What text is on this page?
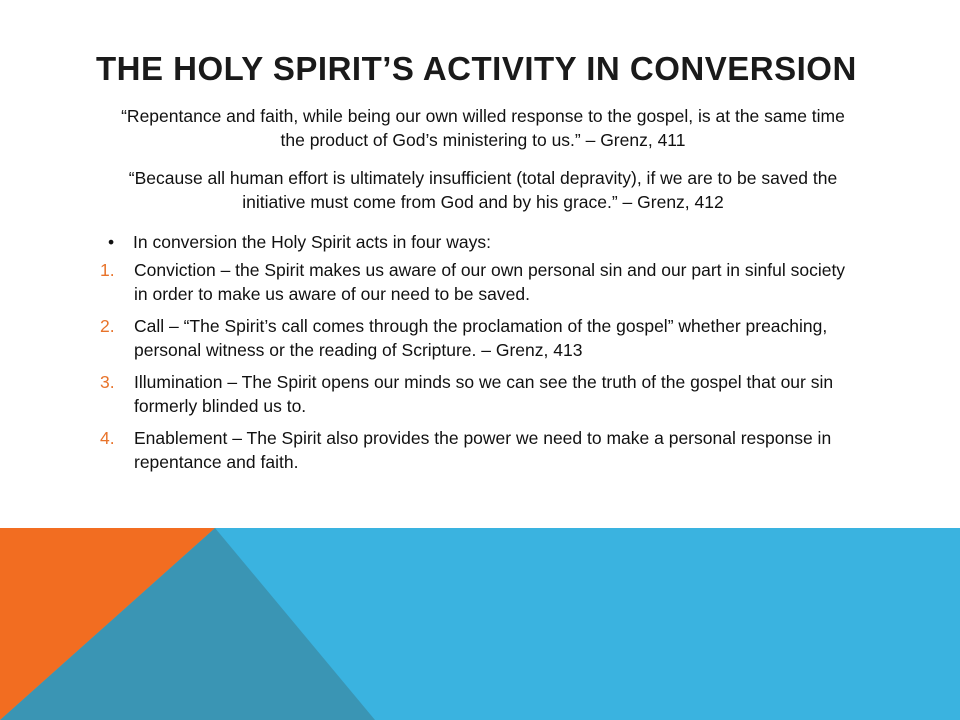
THE HOLY SPIRIT’S ACTIVITY IN CONVERSION
“Repentance and faith, while being our own willed response to the gospel, is at the same time the product of God’s ministering to us.” – Grenz, 411
“Because all human effort is ultimately insufficient (total depravity), if we are to be saved the initiative must come from God and by his grace.” – Grenz, 412
• In conversion the Holy Spirit acts in four ways:
1. Conviction – the Spirit makes us aware of our own personal sin and our part in sinful society in order to make us aware of our need to be saved.
2. Call – “The Spirit’s call comes through the proclamation of the gospel” whether preaching, personal witness or the reading of Scripture. – Grenz, 413
3. Illumination – The Spirit opens our minds so we can see the truth of the gospel that our sin formerly blinded us to.
4. Enablement – The Spirit also provides the power we need to make a personal response in repentance and faith.
